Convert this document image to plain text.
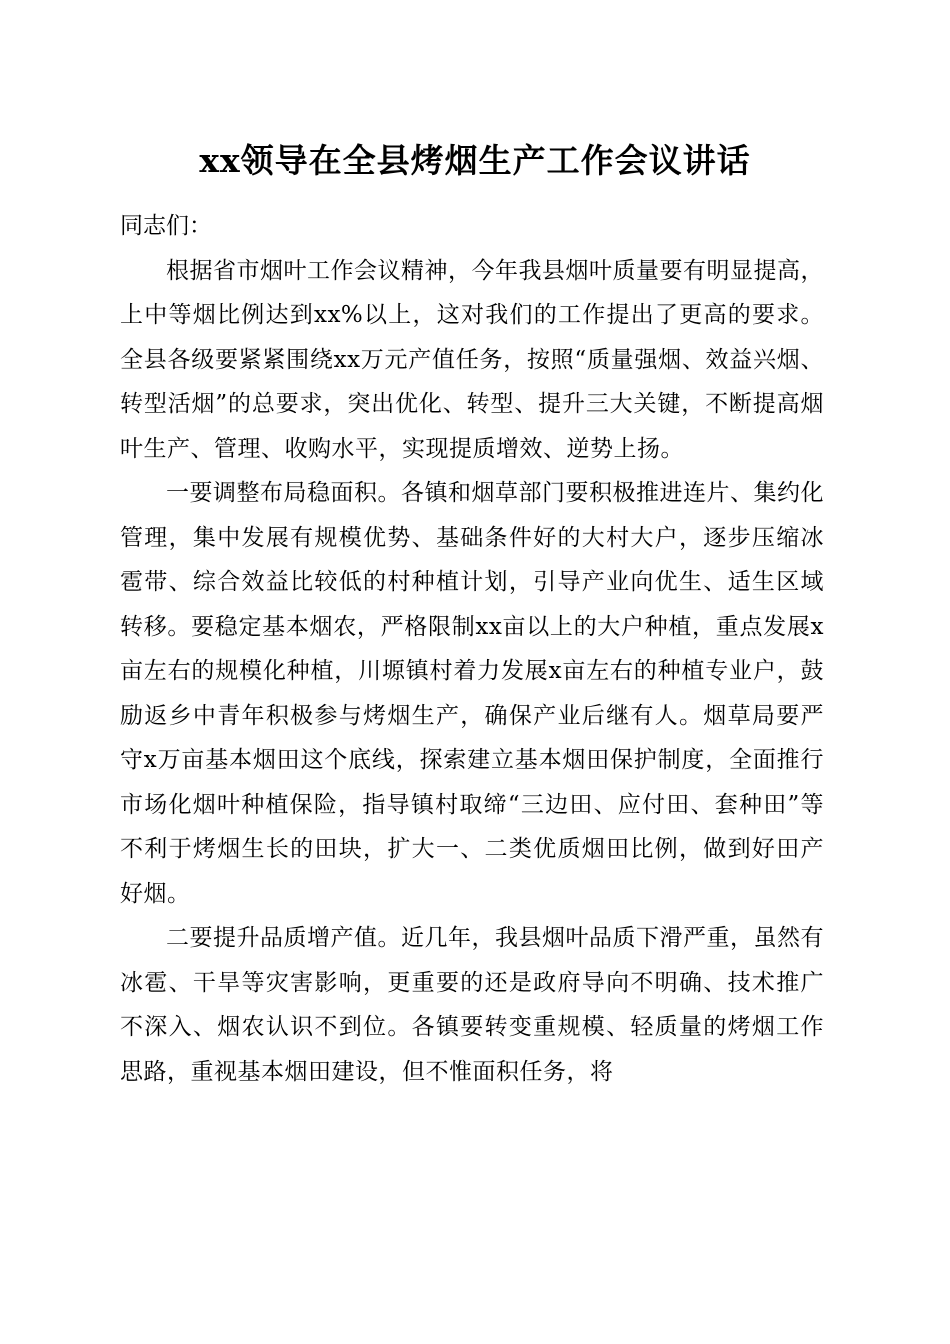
xx领导在全县烤烟生产工作会议讲话

同志们：

根据省市烟叶工作会议精神，今年我县烟叶质量要有明显提高，上中等烟比例达到xx%以上，这对我们的工作提出了更高的要求。全县各级要紧紧围绕xx万元产值任务，按照“质量强烟、效益兴烟、转型活烟”的总要求，突出优化、转型、提升三大关键，不断提高烟叶生产、管理、收购水平，实现提质增效、逆势上扬。

一要调整布局稳面积。各镇和烟草部门要积极推进连片、集约化管理，集中发展有规模优势、基础条件好的大村大户，逐步压缩冰雹带、综合效益比较低的村种植计划，引导产业向优生、适生区域转移。要稳定基本烟农，严格限制xx亩以上的大户种植，重点发展x亩左右的规模化种植，川塬镇村着力发展x亩左右的种植专业户，鼓励返乡中青年积极参与烤烟生产，确保产业后继有人。烟草局要严守x万亩基本烟田这个底线，探索建立基本烟田保护制度，全面推行市场化烟叶种植保险，指导镇村取缔“三边田、应付田、套种田”等不利于烤烟生长的田块，扩大一、二类优质烟田比例，做到好田产好烟。

二要提升品质增产值。近几年，我县烟叶品质下滑严重，虽然有冰雹、干旱等灾害影响，更重要的还是政府导向不明确、技术推广不深入、烟农认识不到位。各镇要转变重规模、轻质量的烤烟工作思路，重视基本烟田建设，但不惟面积任务，将
